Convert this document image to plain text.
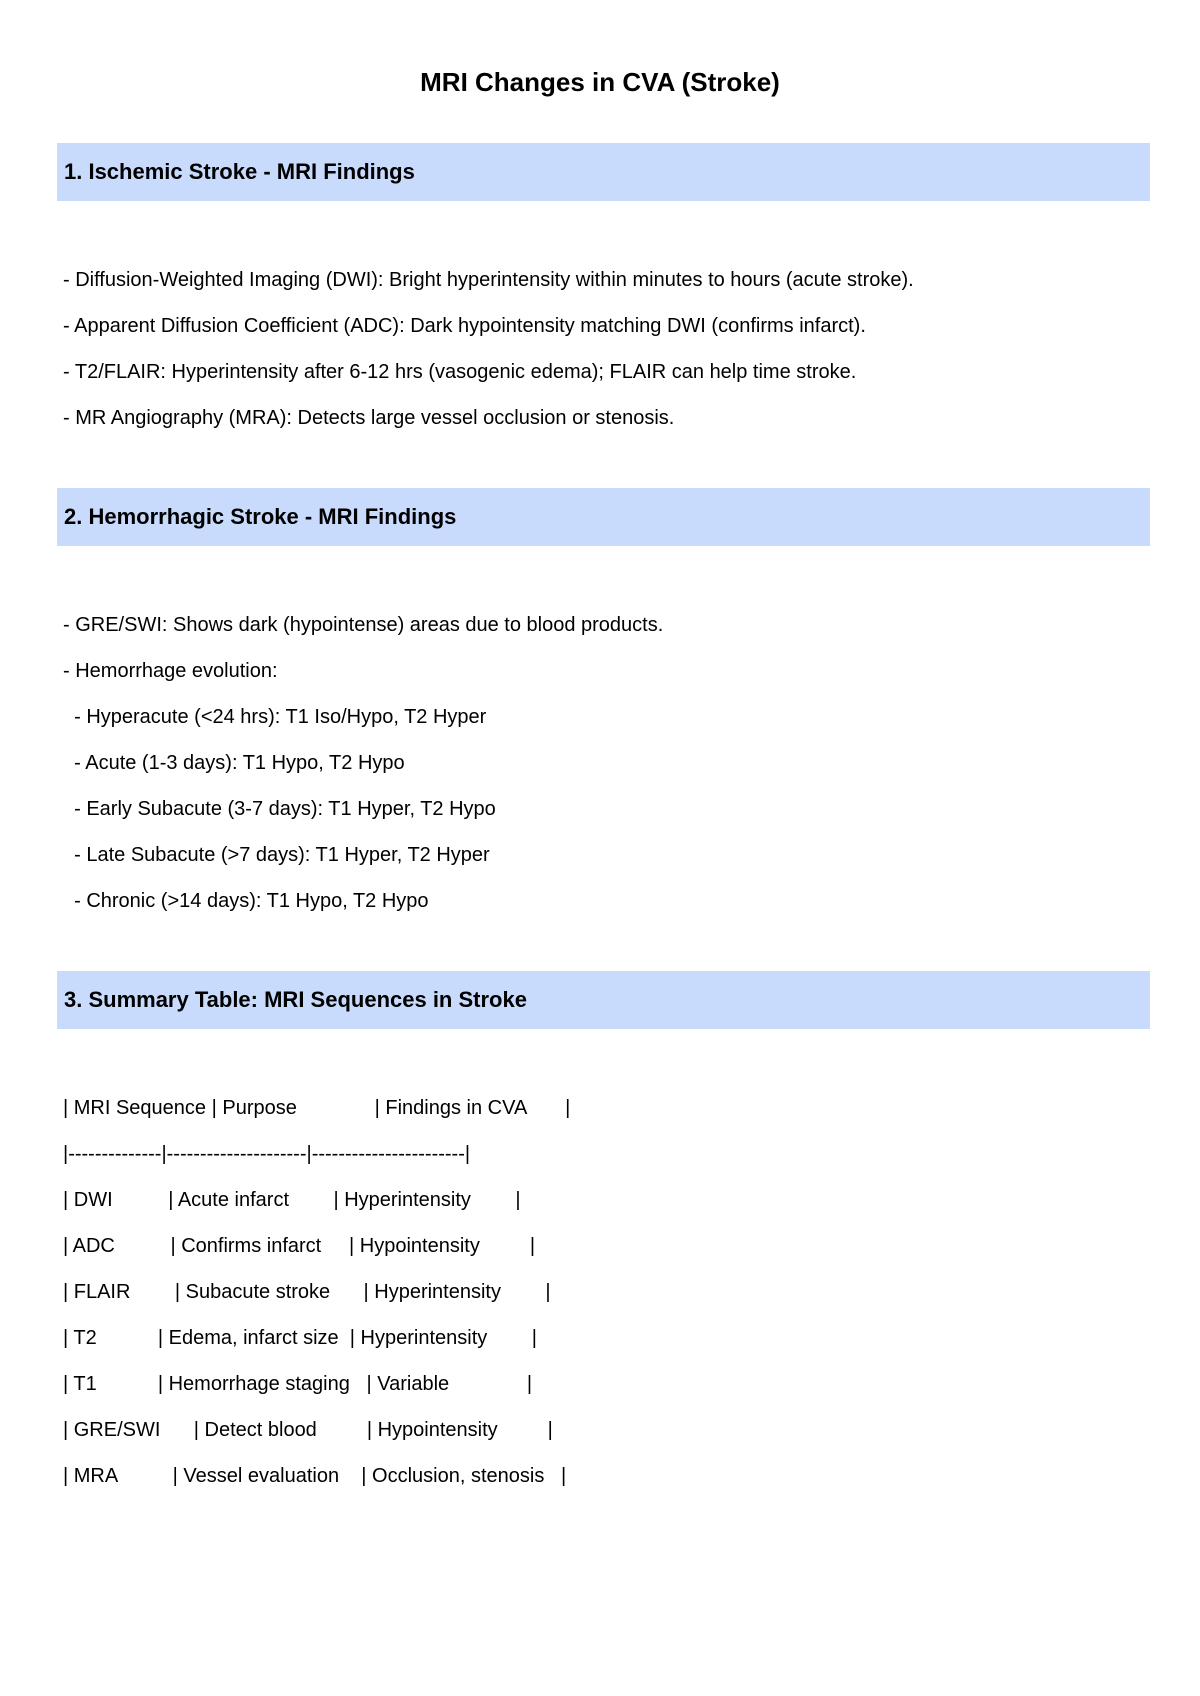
MRI Changes in CVA (Stroke)
1. Ischemic Stroke - MRI Findings
- Diffusion-Weighted Imaging (DWI): Bright hyperintensity within minutes to hours (acute stroke).
- Apparent Diffusion Coefficient (ADC): Dark hypointensity matching DWI (confirms infarct).
- T2/FLAIR: Hyperintensity after 6-12 hrs (vasogenic edema); FLAIR can help time stroke.
- MR Angiography (MRA): Detects large vessel occlusion or stenosis.
2. Hemorrhagic Stroke - MRI Findings
- GRE/SWI: Shows dark (hypointense) areas due to blood products.
- Hemorrhage evolution:
- Hyperacute (<24 hrs): T1 Iso/Hypo, T2 Hyper
- Acute (1-3 days): T1 Hypo, T2 Hypo
- Early Subacute (3-7 days): T1 Hyper, T2 Hypo
- Late Subacute (>7 days): T1 Hyper, T2 Hyper
- Chronic (>14 days): T1 Hypo, T2 Hypo
3. Summary Table: MRI Sequences in Stroke
| MRI Sequence | Purpose              | Findings in CVA       |
|--------------|---------------------|-----------------------|
| DWI          | Acute infarct        | Hyperintensity        |
| ADC          | Confirms infarct     | Hypointensity         |
| FLAIR        | Subacute stroke      | Hyperintensity        |
| T2           | Edema, infarct size  | Hyperintensity        |
| T1           | Hemorrhage staging   | Variable              |
| GRE/SWI      | Detect blood         | Hypointensity         |
| MRA          | Vessel evaluation    | Occlusion, stenosis   |
